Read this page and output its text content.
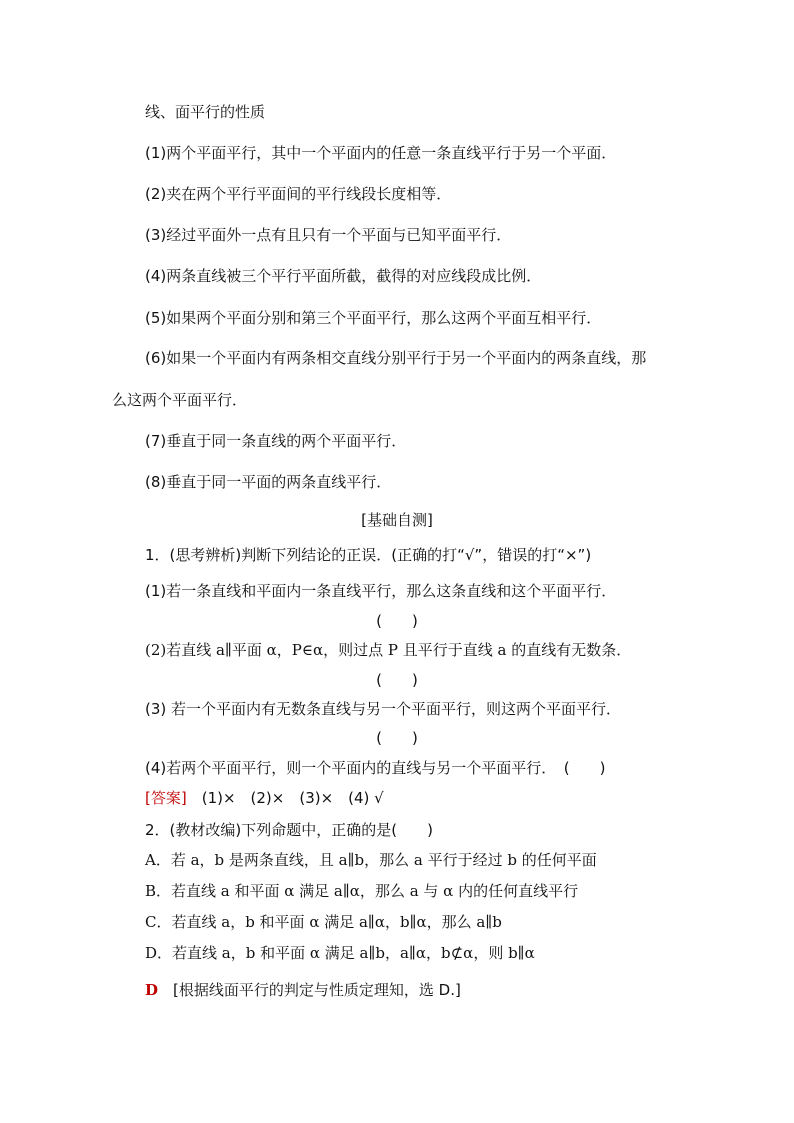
线、面平行的性质
(1)两个平面平行，其中一个平面内的任意一条直线平行于另一个平面．
(2)夹在两个平行平面间的平行线段长度相等．
(3)经过平面外一点有且只有一个平面与已知平面平行．
(4)两条直线被三个平行平面所截，截得的对应线段成比例．
(5)如果两个平面分别和第三个平面平行，那么这两个平面互相平行．
(6)如果一个平面内有两条相交直线分别平行于另一个平面内的两条直线，那
么这两个平面平行．
(7)垂直于同一条直线的两个平面平行．
(8)垂直于同一平面的两条直线平行．
[基础自测]
1．(思考辨析)判断下列结论的正误．(正确的打“√”，错误的打“×”)
(1)若一条直线和平面内一条直线平行，那么这条直线和这个平面平行．
(　　)
(2)若直线 a∥平面 α，P∈α，则过点 P 且平行于直线 a 的直线有无数条．
(　　)
(3) 若一个平面内有无数条直线与另一个平面平行，则这两个平面平行．
(　　)
(4)若两个平面平行，则一个平面内的直线与另一个平面平行．　(　　)
[答案]　(1)×　(2)×　(3)×　(4) √
2．(教材改编)下列命题中，正确的是(　　)
A．若 a，b 是两条直线，且 a∥b，那么 a 平行于经过 b 的任何平面
B．若直线 a 和平面 α 满足 a∥α，那么 a 与 α 内的任何直线平行
C．若直线 a，b 和平面 α 满足 a∥α，b∥α，那么 a∥b
D．若直线 a，b 和平面 α 满足 a∥b，a∥α，b⊄α，则 b∥α
D　[根据线面平行的判定与性质定理知，选 D.]
